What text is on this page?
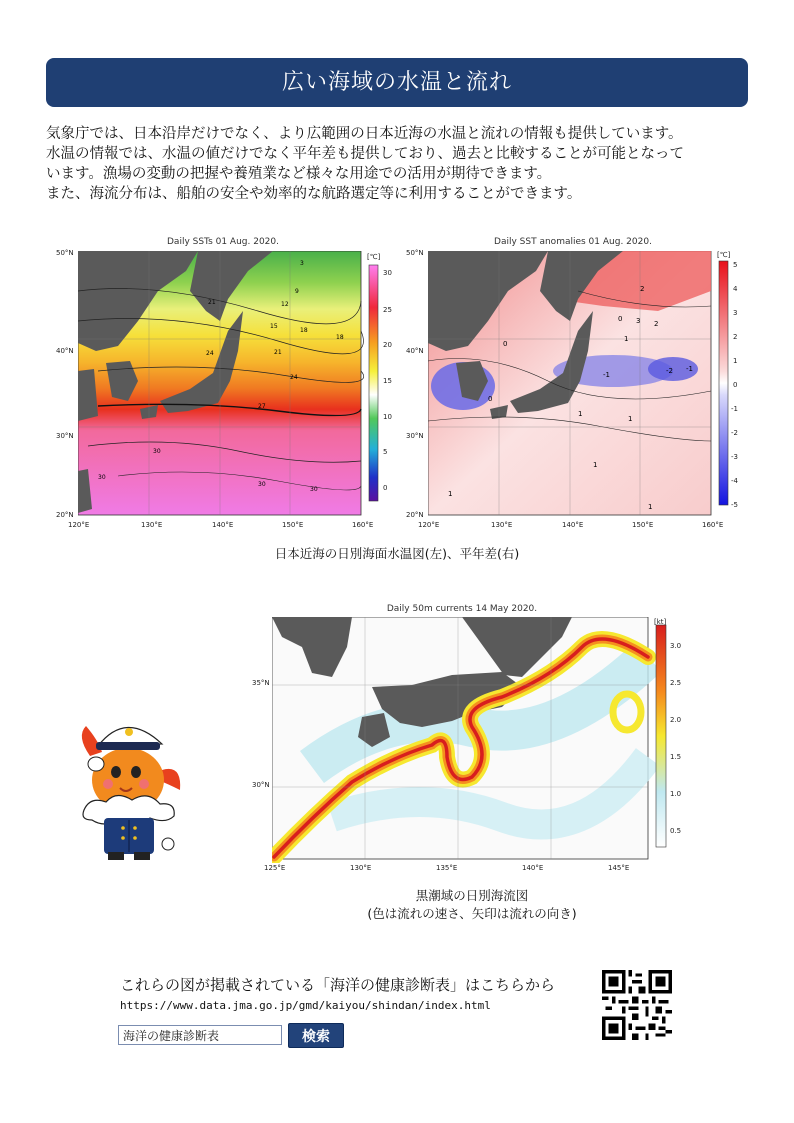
広い海域の水温と流れ

気象庁では、日本沿岸だけでなく、より広範囲の日本近海の水温と流れの情報も提供しています。

水温の情報では、水温の値だけでなく平年差も提供しており、過去と比較することが可能となって

います。漁場の変動の把握や養殖業など様々な用途での活用が期待できます。

また、海流分布は、船舶の安全や効率的な航路選定等に利用することができます。

Daily SSTs 01 Aug. 2020.
3
9
12
15
18
21
24
27
30
30
30
30
18
21
24
[℃]
30
25
20
15
10
5
0
50°N
40°N
30°N
20°N
120°E	130°E	140°E	150°E	160°E
Daily SST anomalies 01 Aug. 2020.
2
0 3 2
1
0
-1	-2 -1
1
1
1
1
0
1
[℃]
5
4
3
2
1
0
-1
-2
-3
-4
-5
50°N
40°N
30°N
20°N
120°E	130°E	140°E	150°E	160°E
日本近海の日別海面水温図(左)、平年差(右)
Daily 50m currents 14 May 2020.
[kt]
3.0
2.5
2.0
1.5
1.0
0.5
35°N
30°N
125°E	130°E	135°E	140°E	145°E
黒潮域の日別海流図
(色は流れの速さ、矢印は流れの向き)
これらの図が掲載されている「海洋の健康診断表」はこちらから
https://www.data.jma.go.jp/gmd/kaiyou/shindan/index.html
海洋の健康診断表
検索
